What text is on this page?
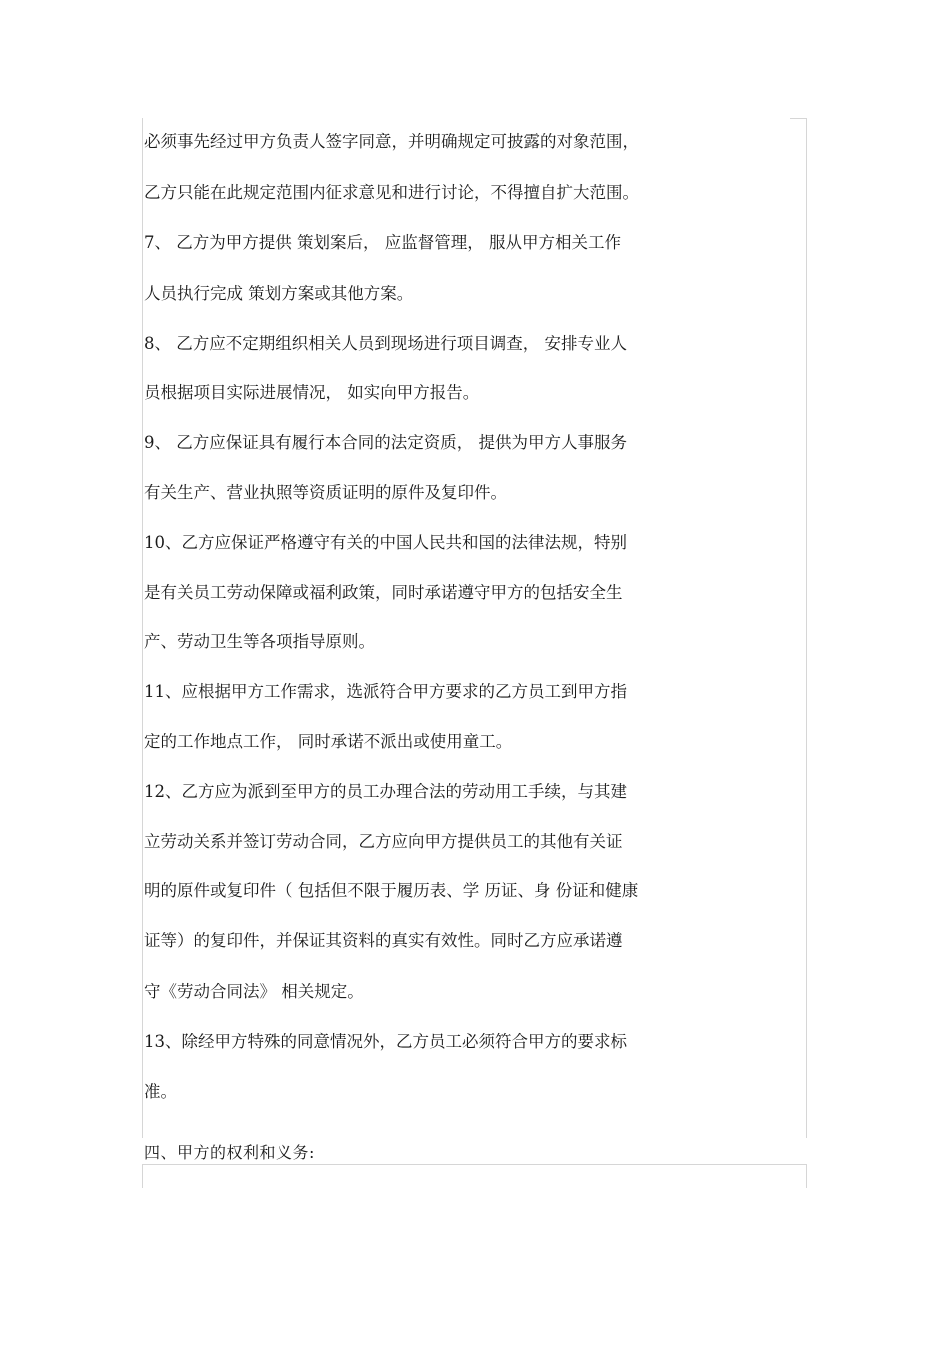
必须事先经过甲方负责人签字同意，并明确规定可披露的对象范围，
乙方只能在此规定范围内征求意见和进行讨论，不得擅自扩大范围。
7、 乙方为甲方提供 策划案后， 应监督管理， 服从甲方相关工作
人员执行完成 策划方案或其他方案。
8、 乙方应不定期组织相关人员到现场进行项目调查， 安排专业人
员根据项目实际进展情况， 如实向甲方报告。
9、 乙方应保证具有履行本合同的法定资质， 提供为甲方人事服务
有关生产、营业执照等资质证明的原件及复印件。
10、乙方应保证严格遵守有关的中国人民共和国的法律法规，特别
是有关员工劳动保障或福利政策，同时承诺遵守甲方的包括安全生
产、劳动卫生等各项指导原则。
11、应根据甲方工作需求，选派符合甲方要求的乙方员工到甲方指
定的工作地点工作， 同时承诺不派出或使用童工。
12、乙方应为派到至甲方的员工办理合法的劳动用工手续，与其建
立劳动关系并签订劳动合同，乙方应向甲方提供员工的其他有关证
明的原件或复印件（ 包括但不限于履历表、学 历证、身 份证和健康
证等）的复印件，并保证其资料的真实有效性。同时乙方应承诺遵
守《劳动合同法》 相关规定。
13、除经甲方特殊的同意情况外，乙方员工必须符合甲方的要求标
准。
四、甲方的权利和义务:
